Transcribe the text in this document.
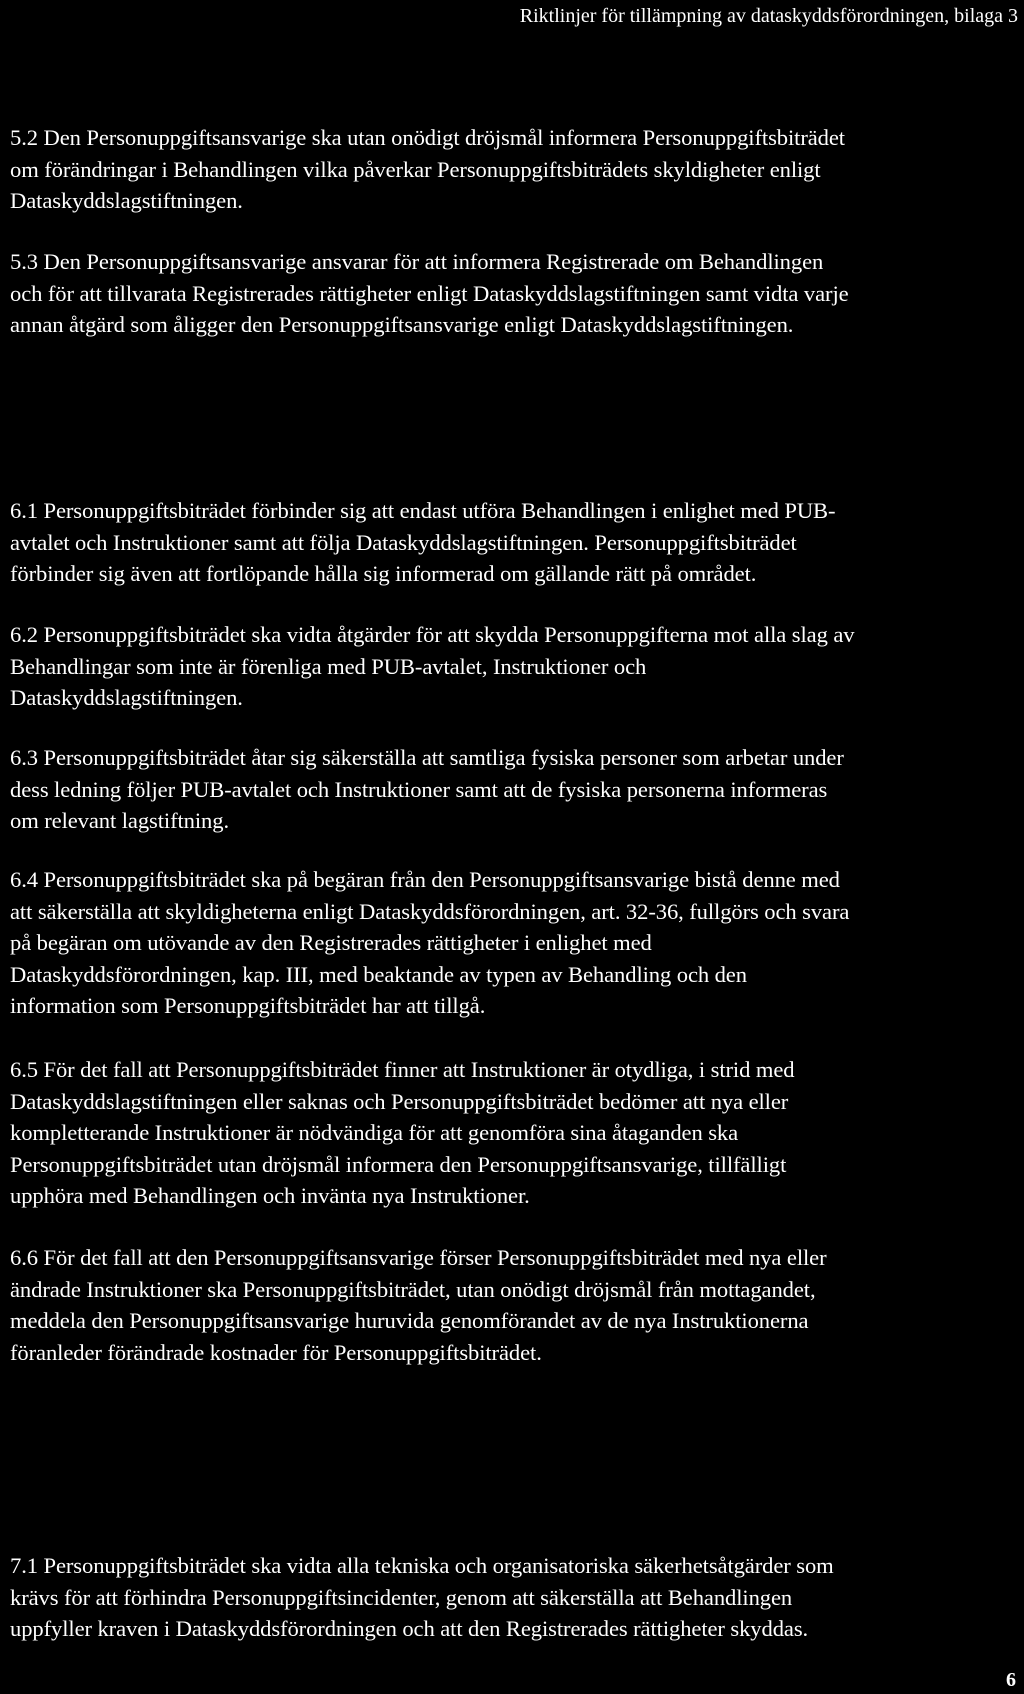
Riktlinjer för tillämpning av dataskyddsförordningen, bilaga 3

5.2 Den Personuppgiftsansvarige ska utan onödigt dröjsmål informera Personuppgiftsbiträdet
om förändringar i Behandlingen vilka påverkar Personuppgiftsbiträdets skyldigheter enligt
Dataskyddslagstiftningen.

5.3 Den Personuppgiftsansvarige ansvarar för att informera Registrerade om Behandlingen
och för att tillvarata Registrerades rättigheter enligt Dataskyddslagstiftningen samt vidta varje
annan åtgärd som åligger den Personuppgiftsansvarige enligt Dataskyddslagstiftningen.

6.1 Personuppgiftsbiträdet förbinder sig att endast utföra Behandlingen i enlighet med PUB-
avtalet och Instruktioner samt att följa Dataskyddslagstiftningen. Personuppgiftsbiträdet
förbinder sig även att fortlöpande hålla sig informerad om gällande rätt på området.

6.2 Personuppgiftsbiträdet ska vidta åtgärder för att skydda Personuppgifterna mot alla slag av
Behandlingar som inte är förenliga med PUB-avtalet, Instruktioner och
Dataskyddslagstiftningen.

6.3 Personuppgiftsbiträdet åtar sig säkerställa att samtliga fysiska personer som arbetar under
dess ledning följer PUB-avtalet och Instruktioner samt att de fysiska personerna informeras
om relevant lagstiftning.

6.4 Personuppgiftsbiträdet ska på begäran från den Personuppgiftsansvarige bistå denne med
att säkerställa att skyldigheterna enligt Dataskyddsförordningen, art. 32-36, fullgörs och svara
på begäran om utövande av den Registrerades rättigheter i enlighet med
Dataskyddsförordningen, kap. III, med beaktande av typen av Behandling och den
information som Personuppgiftsbiträdet har att tillgå.

6.5 För det fall att Personuppgiftsbiträdet finner att Instruktioner är otydliga, i strid med
Dataskyddslagstiftningen eller saknas och Personuppgiftsbiträdet bedömer att nya eller
kompletterande Instruktioner är nödvändiga för att genomföra sina åtaganden ska
Personuppgiftsbiträdet utan dröjsmål informera den Personuppgiftsansvarige, tillfälligt
upphöra med Behandlingen och invänta nya Instruktioner.

6.6 För det fall att den Personuppgiftsansvarige förser Personuppgiftsbiträdet med nya eller
ändrade Instruktioner ska Personuppgiftsbiträdet, utan onödigt dröjsmål från mottagandet,
meddela den Personuppgiftsansvarige huruvida genomförandet av de nya Instruktionerna
föranleder förändrade kostnader för Personuppgiftsbiträdet.

7.1 Personuppgiftsbiträdet ska vidta alla tekniska och organisatoriska säkerhetsåtgärder som
krävs för att förhindra Personuppgiftsincidenter, genom att säkerställa att Behandlingen
uppfyller kraven i Dataskyddsförordningen och att den Registrerades rättigheter skyddas.

6
